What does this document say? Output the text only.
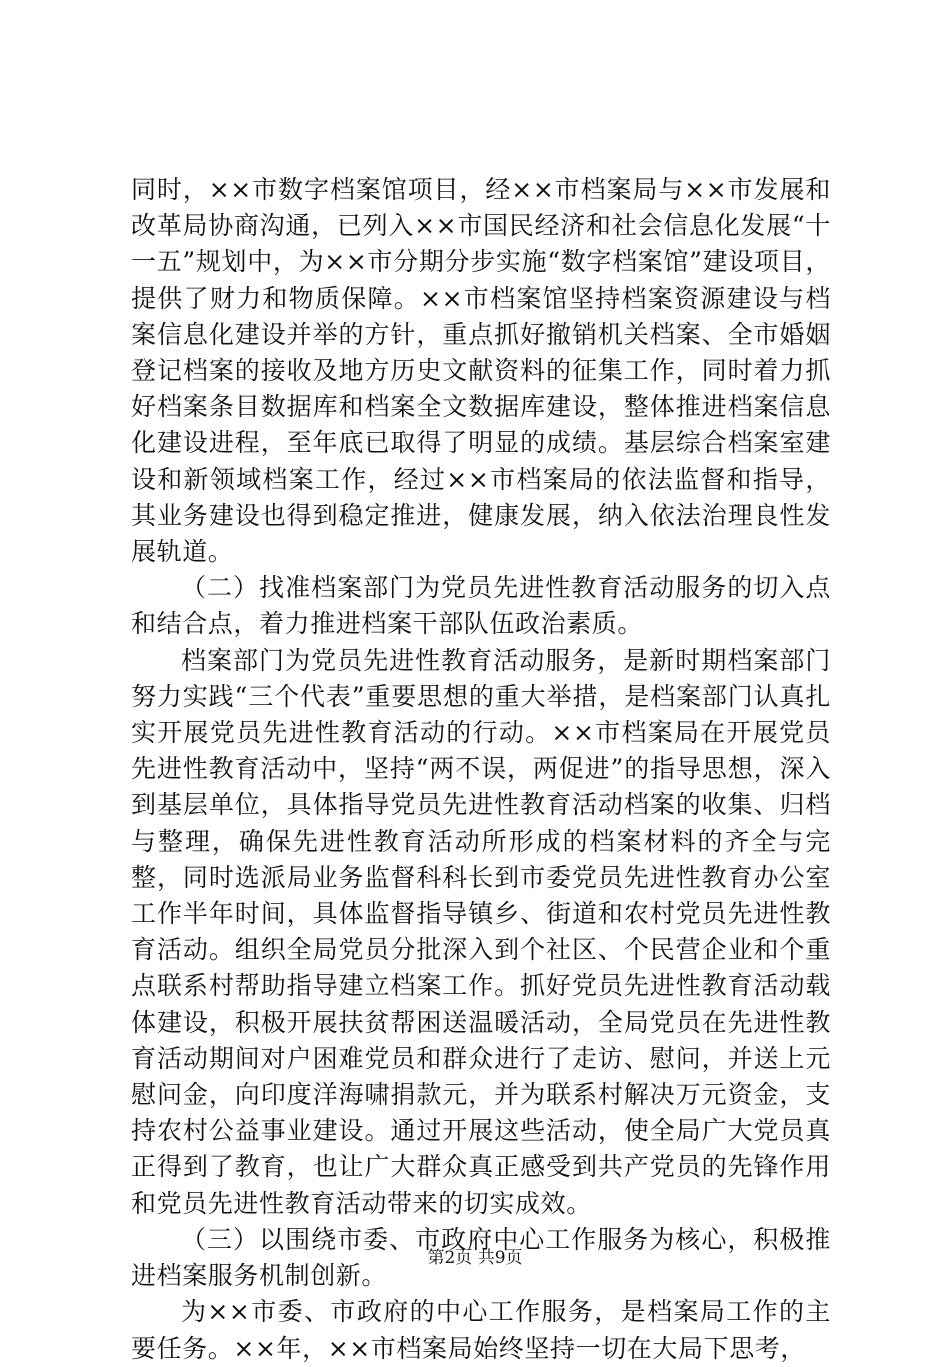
同时，××市数字档案馆项目，经××市档案局与××市发展和改革局协商沟通，已列入××市国民经济和社会信息化发展“十一五”规划中，为××市分期分步实施“数字档案馆”建设项目，提供了财力和物质保障。××市档案馆坚持档案资源建设与档案信息化建设并举的方针，重点抓好撤销机关档案、全市婚姻登记档案的接收及地方历史文献资料的征集工作，同时着力抓好档案条目数据库和档案全文数据库建设，整体推进档案信息化建设进程，至年底已取得了明显的成绩。基层综合档案室建设和新领域档案工作，经过××市档案局的依法监督和指导，其业务建设也得到稳定推进，健康发展，纳入依法治理良性发展轨道。

（二）找准档案部门为党员先进性教育活动服务的切入点和结合点，着力推进档案干部队伍政治素质。

档案部门为党员先进性教育活动服务，是新时期档案部门努力实践“三个代表”重要思想的重大举措，是档案部门认真扎实开展党员先进性教育活动的行动。××市档案局在开展党员先进性教育活动中，坚持“两不误，两促进”的指导思想，深入到基层单位，具体指导党员先进性教育活动档案的收集、归档与整理，确保先进性教育活动所形成的档案材料的齐全与完整，同时选派局业务监督科科长到市委党员先进性教育办公室工作半年时间，具体监督指导镇乡、街道和农村党员先进性教育活动。组织全局党员分批深入到个社区、个民营企业和个重点联系村帮助指导建立档案工作。抓好党员先进性教育活动载体建设，积极开展扶贫帮困送温暖活动，全局党员在先进性教育活动期间对户困难党员和群众进行了走访、慰问，并送上元慰问金，向印度洋海啸捐款元，并为联系村解决万元资金，支持农村公益事业建设。通过开展这些活动，使全局广大党员真正得到了教育，也让广大群众真正感受到共产党员的先锋作用和党员先进性教育活动带来的切实成效。

（三）以围绕市委、市政府中心工作服务为核心，积极推进档案服务机制创新。

为××市委、市政府的中心工作服务，是档案局工作的主要任务。××年，××市档案局始终坚持一切在大局下思考，

第2页 共9页
